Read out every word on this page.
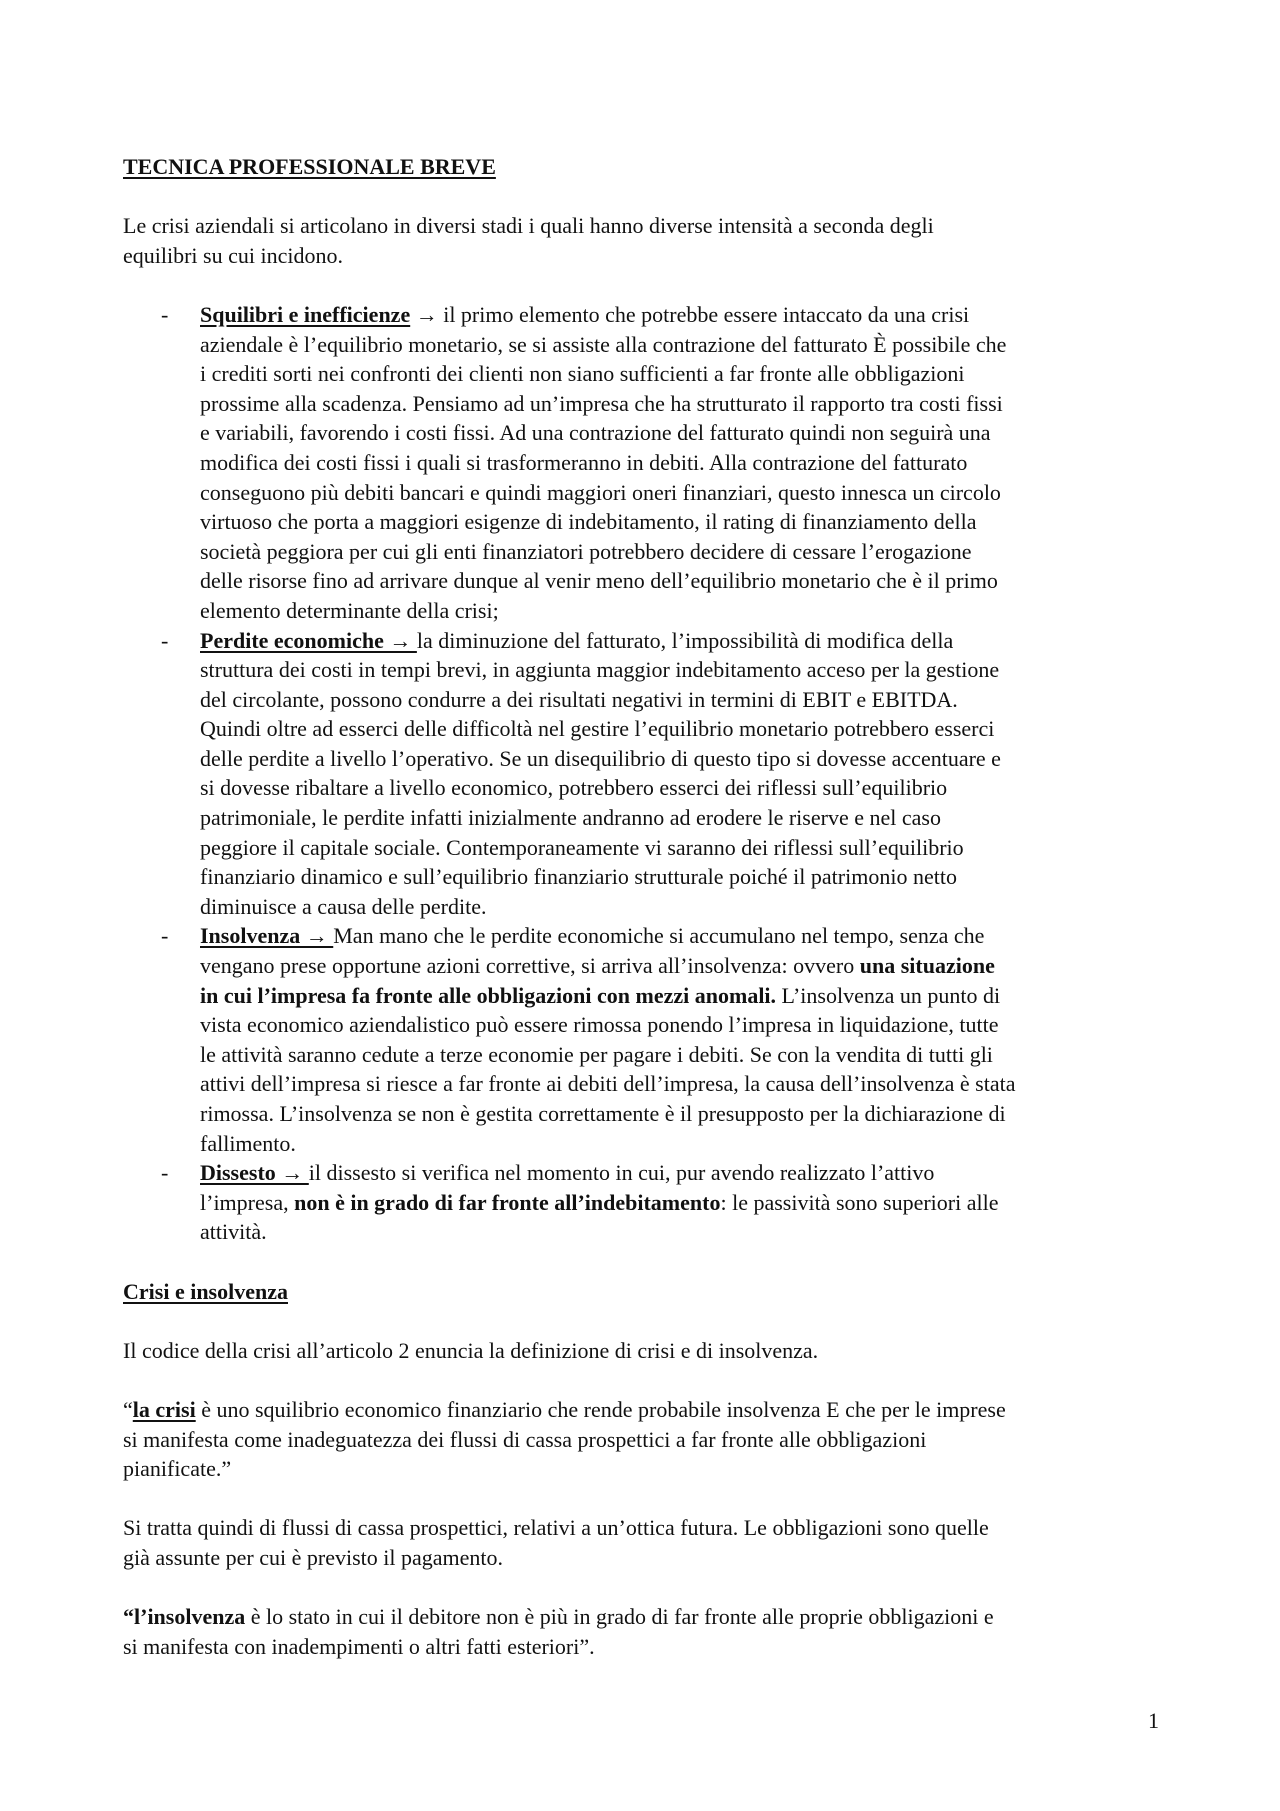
TECNICA PROFESSIONALE BREVE
Le crisi aziendali si articolano in diversi stadi i quali hanno diverse intensità a seconda degli
equilibri su cui incidono.
- Squilibri e inefficienze → il primo elemento che potrebbe essere intaccato da una crisi
aziendale è l’equilibrio monetario, se si assiste alla contrazione del fatturato È possibile che
i crediti sorti nei confronti dei clienti non siano sufficienti a far fronte alle obbligazioni
prossime alla scadenza. Pensiamo ad un’impresa che ha strutturato il rapporto tra costi fissi
e variabili, favorendo i costi fissi. Ad una contrazione del fatturato quindi non seguirà una
modifica dei costi fissi i quali si trasformeranno in debiti. Alla contrazione del fatturato
conseguono più debiti bancari e quindi maggiori oneri finanziari, questo innesca un circolo
virtuoso che porta a maggiori esigenze di indebitamento, il rating di finanziamento della
società peggiora per cui gli enti finanziatori potrebbero decidere di cessare l’erogazione
delle risorse fino ad arrivare dunque al venir meno dell’equilibrio monetario che è il primo
elemento determinante della crisi;
- Perdite economiche → la diminuzione del fatturato, l’impossibilità di modifica della
struttura dei costi in tempi brevi, in aggiunta maggior indebitamento acceso per la gestione
del circolante, possono condurre a dei risultati negativi in termini di EBIT e EBITDA.
Quindi oltre ad esserci delle difficoltà nel gestire l’equilibrio monetario potrebbero esserci
delle perdite a livello l’operativo. Se un disequilibrio di questo tipo si dovesse accentuare e
si dovesse ribaltare a livello economico, potrebbero esserci dei riflessi sull’equilibrio
patrimoniale, le perdite infatti inizialmente andranno ad erodere le riserve e nel caso
peggiore il capitale sociale. Contemporaneamente vi saranno dei riflessi sull’equilibrio
finanziario dinamico e sull’equilibrio finanziario strutturale poiché il patrimonio netto
diminuisce a causa delle perdite.
- Insolvenza → Man mano che le perdite economiche si accumulano nel tempo, senza che
vengano prese opportune azioni correttive, si arriva all’insolvenza: ovvero una situazione
in cui l’impresa fa fronte alle obbligazioni con mezzi anomali. L’insolvenza un punto di
vista economico aziendalistico può essere rimossa ponendo l’impresa in liquidazione, tutte
le attività saranno cedute a terze economie per pagare i debiti. Se con la vendita di tutti gli
attivi dell’impresa si riesce a far fronte ai debiti dell’impresa, la causa dell’insolvenza è stata
rimossa. L’insolvenza se non è gestita correttamente è il presupposto per la dichiarazione di
fallimento.
- Dissesto → il dissesto si verifica nel momento in cui, pur avendo realizzato l’attivo
l’impresa, non è in grado di far fronte all’indebitamento: le passività sono superiori alle
attività.
Crisi e insolvenza
Il codice della crisi all’articolo 2 enuncia la definizione di crisi e di insolvenza.
“la crisi è uno squilibrio economico finanziario che rende probabile insolvenza E che per le imprese
si manifesta come inadeguatezza dei flussi di cassa prospettici a far fronte alle obbligazioni
pianificate.”
Si tratta quindi di flussi di cassa prospettici, relativi a un’ottica futura. Le obbligazioni sono quelle
già assunte per cui è previsto il pagamento.
“l’insolvenza è lo stato in cui il debitore non è più in grado di far fronte alle proprie obbligazioni e
si manifesta con inadempimenti o altri fatti esteriori”.
1
